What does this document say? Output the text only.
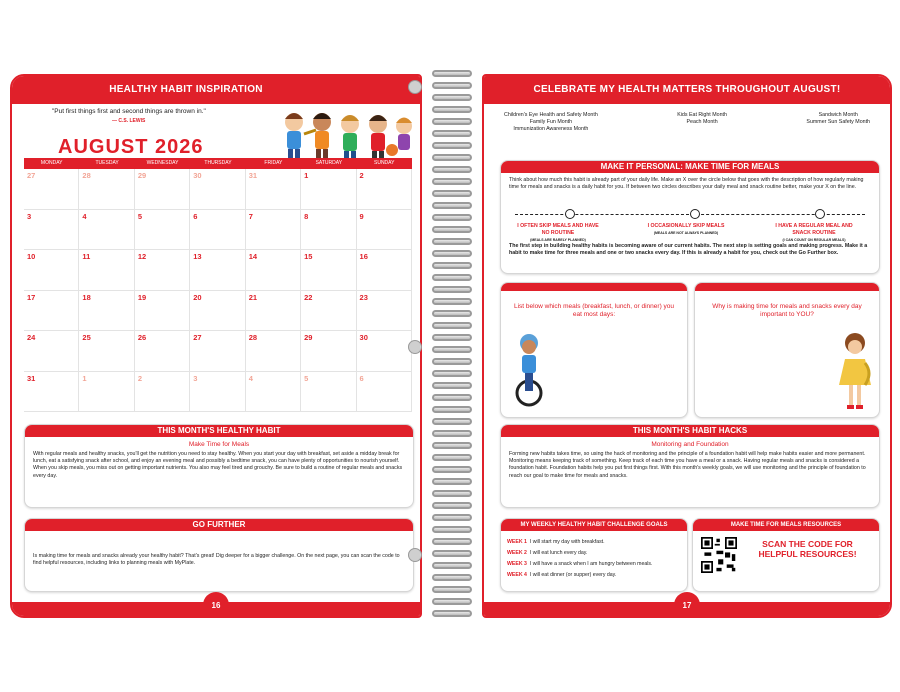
HEALTHY HABIT INSPIRATION
"Put first things first and second things are thrown in."
— C.S. LEWIS
AUGUST 2026
MONDAY	TUESDAY	WEDNESDAY	THURSDAY	FRIDAY	SATURDAY	SUNDAY
27	28	29	30	31	1	2
3	4	5	6	7	8	9
10	11	12	13	14	15	16
17	18	19	20	21	22	23
24	25	26	27	28	29	30
31	1	2	3	4	5	6
THIS MONTH'S HEALTHY HABIT
Make Time for Meals
With regular meals and healthy snacks, you'll get the nutrition you need to stay healthy. When you start your day with breakfast, set aside a midday break for lunch, eat a satisfying snack after school, and enjoy an evening meal and possibly a bedtime snack, you can have plenty of opportunities to nourish yourself. When you skip meals, you miss out on getting important nutrients. You also may feel tired and grouchy. Be sure to build a routine of regular meals and snacks every day.
GO FURTHER
Is making time for meals and snacks already your healthy habit? That's great! Dig deeper for a bigger challenge. On the next page, you can scan the code to find helpful resources, including links to planning meals with MyPlate.
16
CELEBRATE MY HEALTH MATTERS THROUGHOUT AUGUST!
Children's Eye Health and Safety Month
Family Fun Month
Immunization Awareness Month
Kids Eat Right Month
Peach Month
Sandwich Month
Summer Sun Safety Month
MAKE IT PERSONAL: MAKE TIME FOR MEALS
Think about how much this habit is already part of your daily life. Make an X over the circle below that goes with the description of how regularly making time for meals and snacks is a daily habit for you. If between two circles describes your daily meal and snack routine better, make your X on the line.
I OFTEN SKIP MEALS AND HAVE NO ROUTINE
(MEALS ARE RARELY PLANNED)
I OCCASIONALLY SKIP MEALS
(MEALS ARE NOT ALWAYS PLANNED)
I HAVE A REGULAR MEAL AND SNACK ROUTINE
(I CAN COUNT ON REGULAR MEALS)
The first step in building healthy habits is becoming aware of our current habits. The next step is setting goals and making progress. Make it a habit to make time for three meals and one or two snacks every day. If this is already a habit for you, check out the Go Further box.
List below which meals (breakfast, lunch, or dinner) you eat most days:
Why is making time for meals and snacks every day important to YOU?
THIS MONTH'S HABIT HACKS
Monitoring and Foundation
Forming new habits takes time, so using the hack of monitoring and the principle of a foundation habit will help make habits easier and more permanent. Monitoring means keeping track of something. Keep track of each time you have a meal or a snack. Having regular meals and snacks is considered a foundation habit. Foundation habits help you put first things first. With this month's weekly goals, we will use monitoring and the principle of foundation to reach our goal to make time for meals and snacks.
MY WEEKLY HEALTHY HABIT CHALLENGE GOALS
WEEK 1 I will start my day with breakfast.
WEEK 2 I will eat lunch every day.
WEEK 3 I will have a snack when I am hungry between meals.
WEEK 4 I will eat dinner (or supper) every day.
MAKE TIME FOR MEALS RESOURCES
SCAN THE CODE FOR HELPFUL RESOURCES!
17
